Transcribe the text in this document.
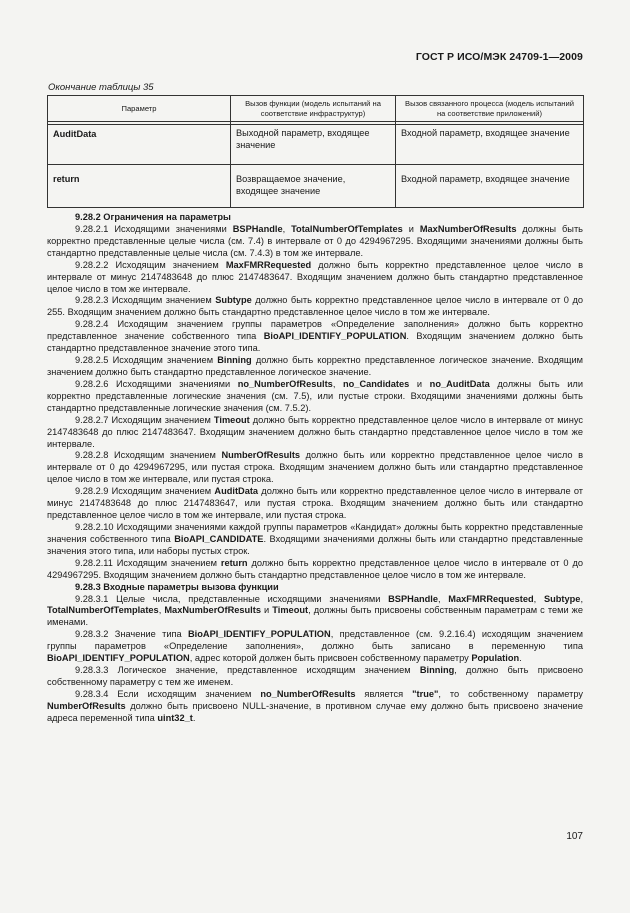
ГОСТ Р ИСО/МЭК 24709-1—2009
Окончание таблицы 35
Параметр	Вызов функции (модель испытаний на соответствие инфраструктур)	Вызов связанного процесса (модель испытаний на соответствие приложений)

AuditData	Выходной параметр, входящее значение	Входной параметр, входящее значение
return	Возвращаемое значение, входящее значение	Входной параметр, входящее значение

9.28.2 Ограничения на параметры

9.28.2.1 Исходящими значениями BSPHandle, TotalNumberOfTemplates и MaxNumberOfResults должны быть корректно представленные целые числа (см. 7.4) в интервале от 0 до 4294967295. Входящими значениями должны быть стандартно представленные целые числа (см. 7.4.3) в том же интервале.

9.28.2.2 Исходящим значением MaxFMRRequested должно быть корректно представленное целое число в интервале от минус 2147483648 до плюс 2147483647. Входящим значением должно быть стандартно представленное целое число в том же интервале.

9.28.2.3 Исходящим значением Subtype должно быть корректно представленное целое число в интервале от 0 до 255. Входящим значением должно быть стандартно представленное целое число в том же интервале.

9.28.2.4 Исходящим значением группы параметров «Определение заполнения» должно быть корректно представленное значение собственного типа BioAPI_IDENTIFY_POPULATION. Входящим значением должно быть стандартно представленное значение этого типа.

9.28.2.5 Исходящим значением Binning должно быть корректно представленное логическое значение. Входящим значением должно быть стандартно представленное логическое значение.

9.28.2.6 Исходящими значениями no_NumberOfResults, no_Candidates и no_AuditData должны быть или корректно представленные логические значения (см. 7.5), или пустые строки. Входящими значениями должны быть стандартно представленные логические значения (см. 7.5.2).

9.28.2.7 Исходящим значением Timeout должно быть корректно представленное целое число в интервале от минус 2147483648 до плюс 2147483647. Входящим значением должно быть стандартно представленное целое число в том же интервале.

9.28.2.8 Исходящим значением NumberOfResults должно быть или корректно представленное целое число в интервале от 0 до 4294967295, или пустая строка. Входящим значением должно быть или стандартно представленное целое число в том же интервале, или пустая строка.

9.28.2.9 Исходящим значением AuditData должно быть или корректно представленное целое число в интервале от минус 2147483648 до плюс 2147483647, или пустая строка. Входящим значением должно быть или стандартно представленное целое число в том же интервале, или пустая строка.

9.28.2.10 Исходящими значениями каждой группы параметров «Кандидат» должны быть корректно представленные значения собственного типа BioAPI_CANDIDATE. Входящими значениями должны быть или стандартно представленные значения этого типа, или наборы пустых строк.

9.28.2.11 Исходящим значением return должно быть корректно представленное целое число в интервале от 0 до 4294967295. Входящим значением должно быть стандартно представленное целое число в том же интервале.

9.28.3 Входные параметры вызова функции

9.28.3.1 Целые числа, представленные исходящими значениями BSPHandle, MaxFMRRequested, Subtype, TotalNumberOfTemplates, MaxNumberOfResults и Timeout, должны быть присвоены собственным параметрам с теми же именами.

9.28.3.2 Значение типа BioAPI_IDENTIFY_POPULATION, представленное (см. 9.2.16.4) исходящим значением группы параметров «Определение заполнения», должно быть записано в переменную типа BioAPI_IDENTIFY_POPULATION, адрес которой должен быть присвоен собственному параметру Population.

9.28.3.3 Логическое значение, представленное исходящим значением Binning, должно быть присвоено собственному параметру с тем же именем.

9.28.3.4 Если исходящим значением no_NumberOfResults является "true", то собственному параметру NumberOfResults должно быть присвоено NULL-значение, в противном случае ему должно быть присвоено значение адреса переменной типа uint32_t.

107
